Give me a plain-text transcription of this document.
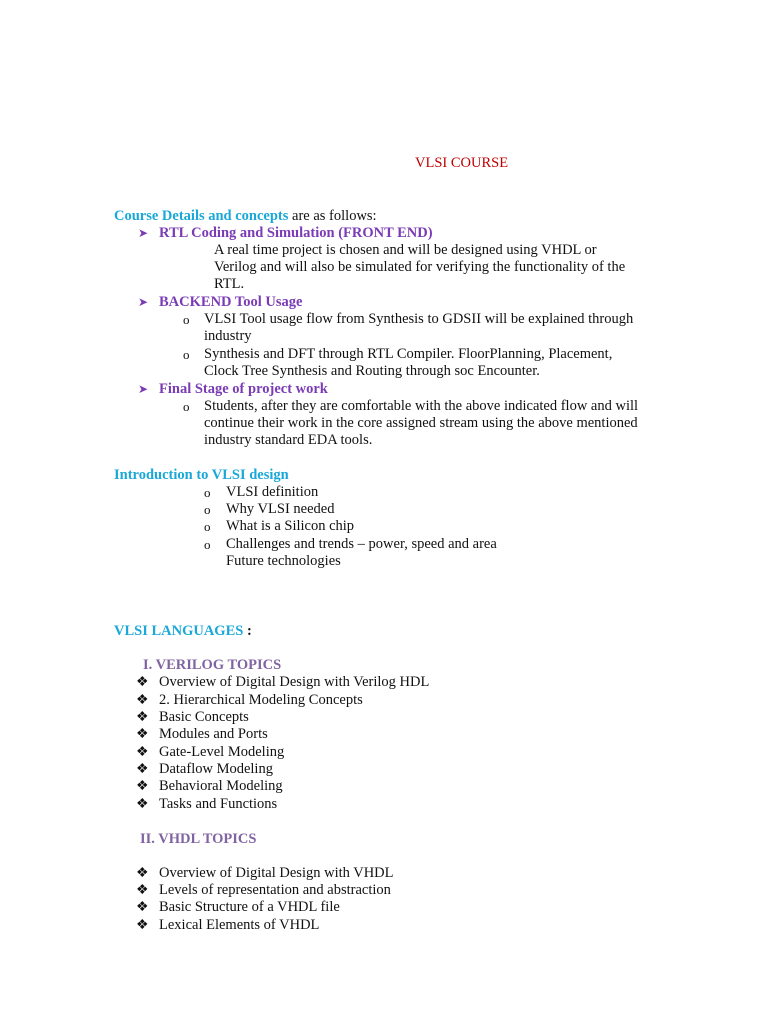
VLSI COURSE
Course Details and concepts are as follows:
➤ RTL Coding and Simulation (FRONT END)
A real time project is chosen and will be designed using VHDL or
Verilog and will also be simulated for verifying the functionality of the
RTL.
➤ BACKEND Tool Usage
o VLSI Tool usage flow from Synthesis to GDSII will be explained through
industry
o Synthesis and DFT through RTL Compiler. FloorPlanning, Placement,
Clock Tree Synthesis and Routing through soc Encounter.
➤ Final Stage of project work
o Students, after they are comfortable with the above indicated flow and will
continue their work in the core assigned stream using the above mentioned
industry standard EDA tools.
Introduction to VLSI design
o VLSI definition
o Why VLSI needed
o What is a Silicon chip
o Challenges and trends – power, speed and area
Future technologies
VLSI LANGUAGES :
I. VERILOG TOPICS
❖ Overview of Digital Design with Verilog HDL
❖ 2. Hierarchical Modeling Concepts
❖ Basic Concepts
❖ Modules and Ports
❖ Gate-Level Modeling
❖ Dataflow Modeling
❖ Behavioral Modeling
❖ Tasks and Functions
II. VHDL TOPICS
❖ Overview of Digital Design with VHDL
❖ Levels of representation and abstraction
❖ Basic Structure of a VHDL file
❖ Lexical Elements of VHDL
